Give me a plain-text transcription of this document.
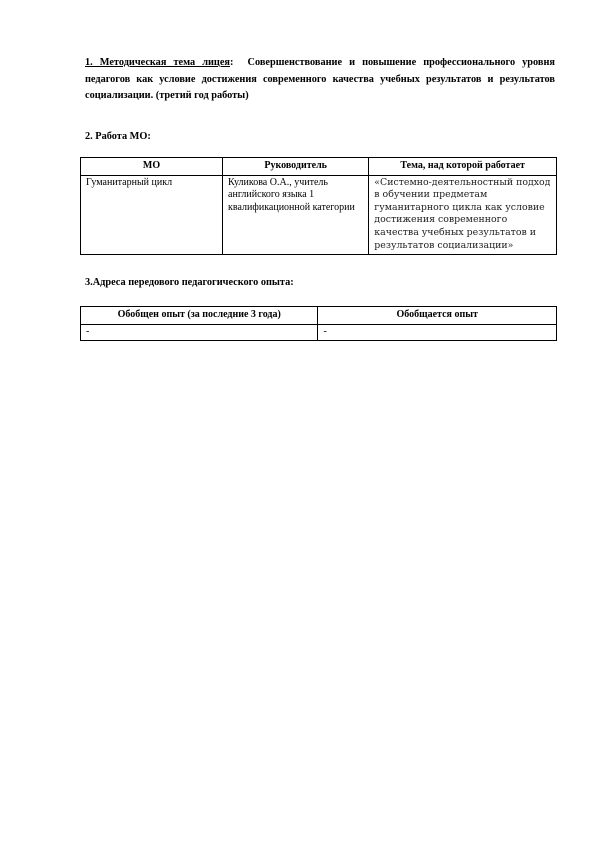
1. Методическая тема лицея: Совершенствование и повышение профессионального уровня педагогов как условие достижения современного качества учебных результатов и результатов социализации. (третий год работы)
2. Работа МО:
МО	Руководитель	Тема, над которой работает
Гуманитарный цикл	Куликова О.А., учитель английского языка 1 квалификационной категории	«Системно-деятельностный подход в обучении предметам гуманитарного цикла как условие достижения современного качества учебных результатов и результатов социализации»
3.Адреса передового педагогического опыта:
Обобщен опыт (за последние 3 года)	Обобщается опыт
-	-
